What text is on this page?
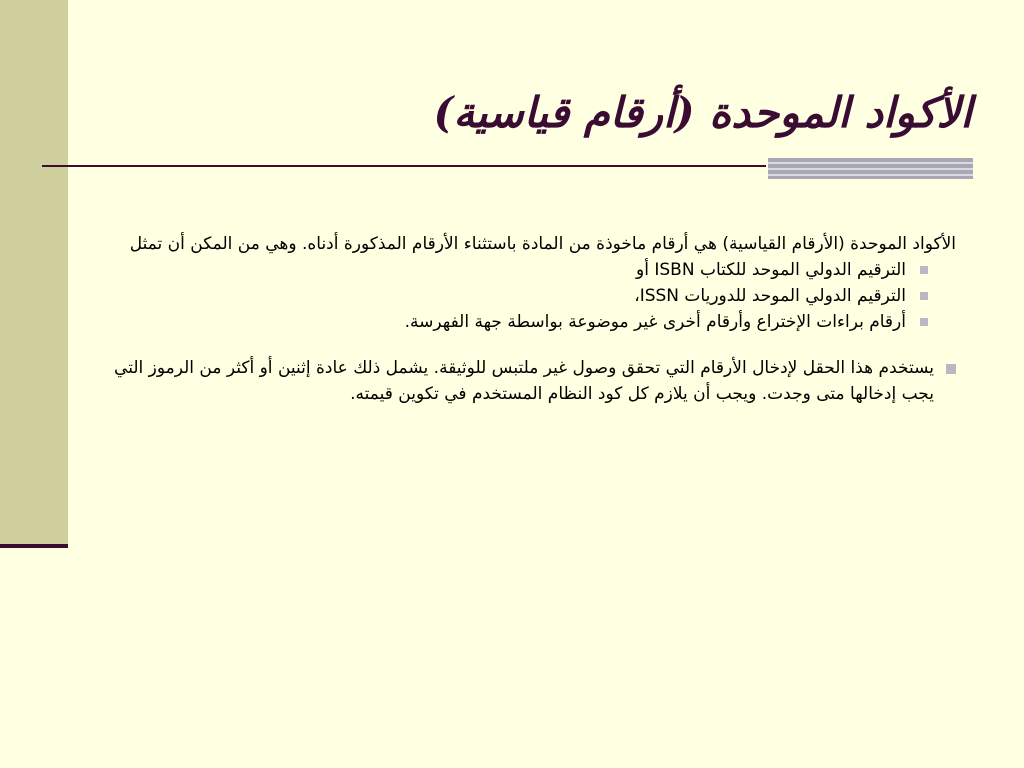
الأكواد الموحدة (أرقام قياسية)

الأكواد الموحدة (الأرقام القياسية) هي أرقام ماخوذة من المادة باستثناء الأرقام المذكورة أدناه. وهي من المكن أن تمثل

الترقيم الدولي الموحد للكتاب ISBN أو
الترقيم الدولي الموحد للدوريات ISSN،
أرقام براءات الإختراع وأرقام أخرى غير موضوعة بواسطة جهة الفهرسة.
يستخدم هذا الحقل لإدخال الأرقام التي تحقق وصول غير ملتبس للوثيقة. يشمل ذلك عادة إثنين أو أكثر من الرموز التي يجب إدخالها متى وجدت. ويجب أن يلازم كل كود النظام المستخدم في تكوين قيمته.
